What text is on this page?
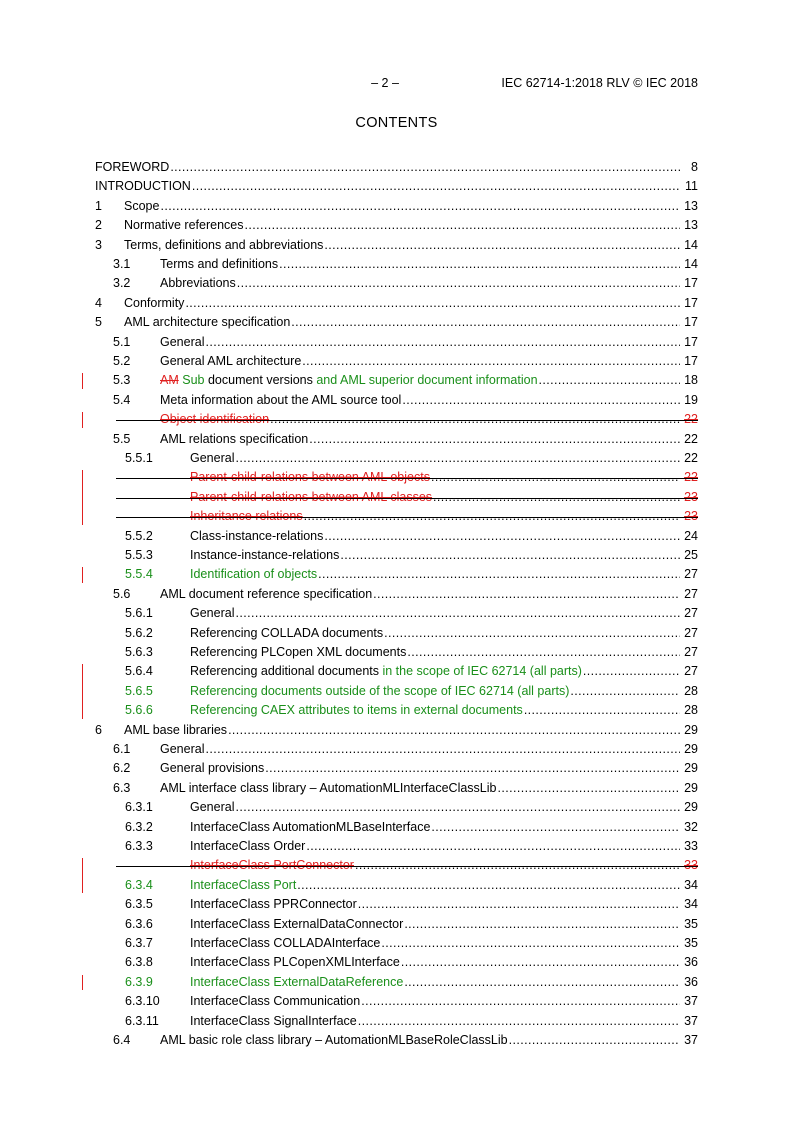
– 2 –	IEC 62714-1:2018 RLV © IEC 2018
CONTENTS
FOREWORD .....	8
INTRODUCTION .....	11
1 Scope .....	13
2 Normative references .....	13
3 Terms, definitions and abbreviations .....	14
3.1 Terms and definitions .....	14
3.2 Abbreviations .....	17
4 Conformity .....	17
5 AML architecture specification .....	17
5.1 General .....	17
5.2 General AML architecture .....	17
5.3 AM Sub document versions and AML superior document information .....	18
5.4 Meta information about the AML source tool .....	19
Object identification .....	22
5.5 AML relations specification .....	22
5.5.1	General .....	22
Parent-child-relations between AML objects .....	22
Parent-child-relations between AML classes .....	23
Inheritance relations .....	23
5.5.2	Class-instance-relations .....	24
5.5.3	Instance-instance-relations .....	25
5.5.4	Identification of objects .....	27
5.6 AML document reference specification .....	27
5.6.1	General .....	27
5.6.2	Referencing COLLADA documents .....	27
5.6.3	Referencing PLCopen XML documents .....	27
5.6.4	Referencing additional documents in the scope of IEC 62714 (all parts) .....	27
5.6.5	Referencing documents outside of the scope of IEC 62714 (all parts) .....	28
5.6.6	Referencing CAEX attributes to items in external documents .....	28
6 AML base libraries .....	29
6.1 General .....	29
6.2 General provisions .....	29
6.3 AML interface class library – AutomationMLInterfaceClassLib .....	29
6.3.1	General .....	29
6.3.2	InterfaceClass AutomationMLBaseInterface .....	32
6.3.3	InterfaceClass Order .....	33
InterfaceClass PortConnector .....	33
6.3.4	InterfaceClass Port .....	34
6.3.5	InterfaceClass PPRConnector .....	34
6.3.6	InterfaceClass ExternalDataConnector .....	35
6.3.7	InterfaceClass COLLADAInterface .....	35
6.3.8	InterfaceClass PLCopenXMLInterface .....	36
6.3.9	InterfaceClass ExternalDataReference .....	36
6.3.10 InterfaceClass Communication .....	37
6.3.11 InterfaceClass SignalInterface .....	37
6.4 AML basic role class library – AutomationMLBaseRoleClassLib .....	37
